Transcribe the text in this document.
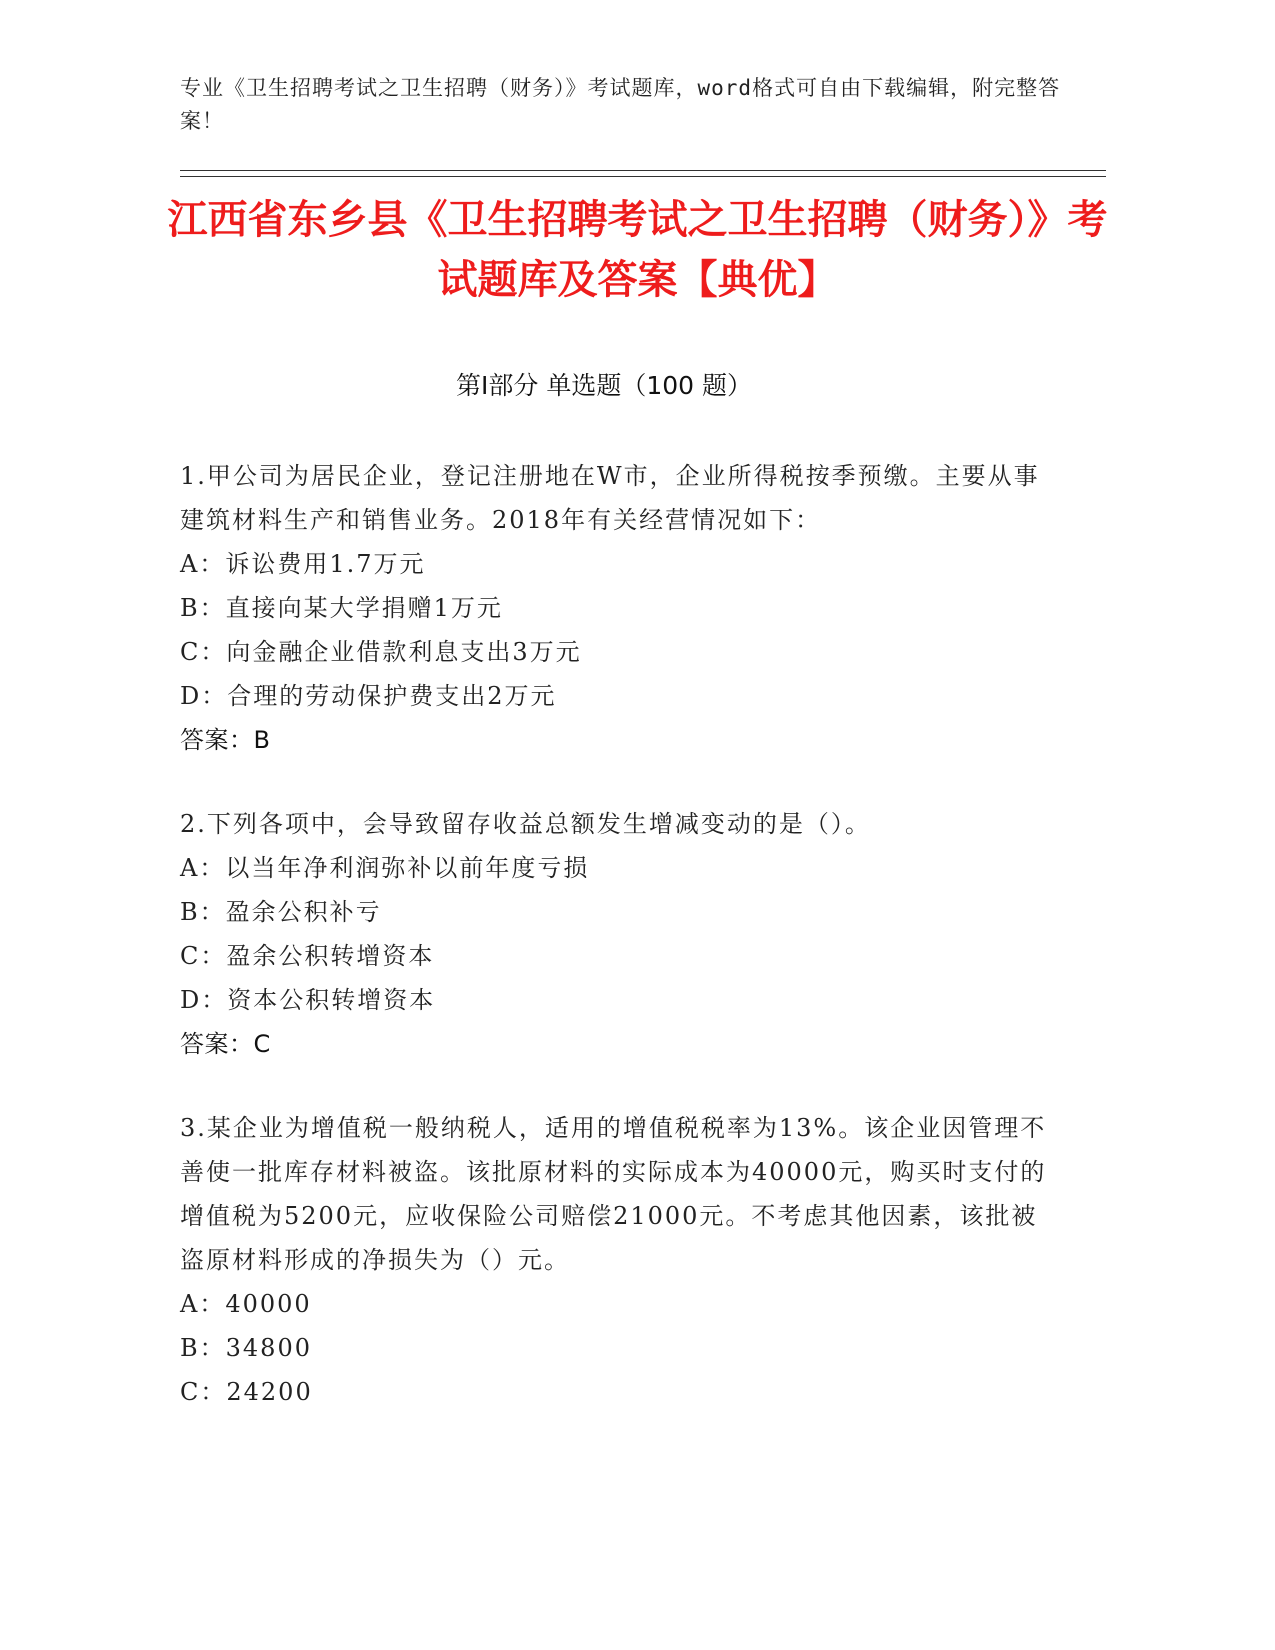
专业《卫生招聘考试之卫生招聘（财务）》考试题库，word格式可自由下载编辑，附完整答案！
江西省东乡县《卫生招聘考试之卫生招聘（财务）》考试题库及答案【典优】
第Ⅰ部分 单选题（100 题）
1.甲公司为居民企业，登记注册地在W市，企业所得税按季预缴。主要从事建筑材料生产和销售业务。2018年有关经营情况如下：
A：诉讼费用1.7万元
B：直接向某大学捐赠1万元
C：向金融企业借款利息支出3万元
D：合理的劳动保护费支出2万元
答案：B
2.下列各项中，会导致留存收益总额发生增减变动的是（）。
A：以当年净利润弥补以前年度亏损
B：盈余公积补亏
C：盈余公积转增资本
D：资本公积转增资本
答案：C
3.某企业为增值税一般纳税人，适用的增值税税率为13%。该企业因管理不善使一批库存材料被盗。该批原材料的实际成本为40000元，购买时支付的增值税为5200元，应收保险公司赔偿21000元。不考虑其他因素，该批被盗原材料形成的净损失为（）元。
A：40000
B：34800
C：24200
